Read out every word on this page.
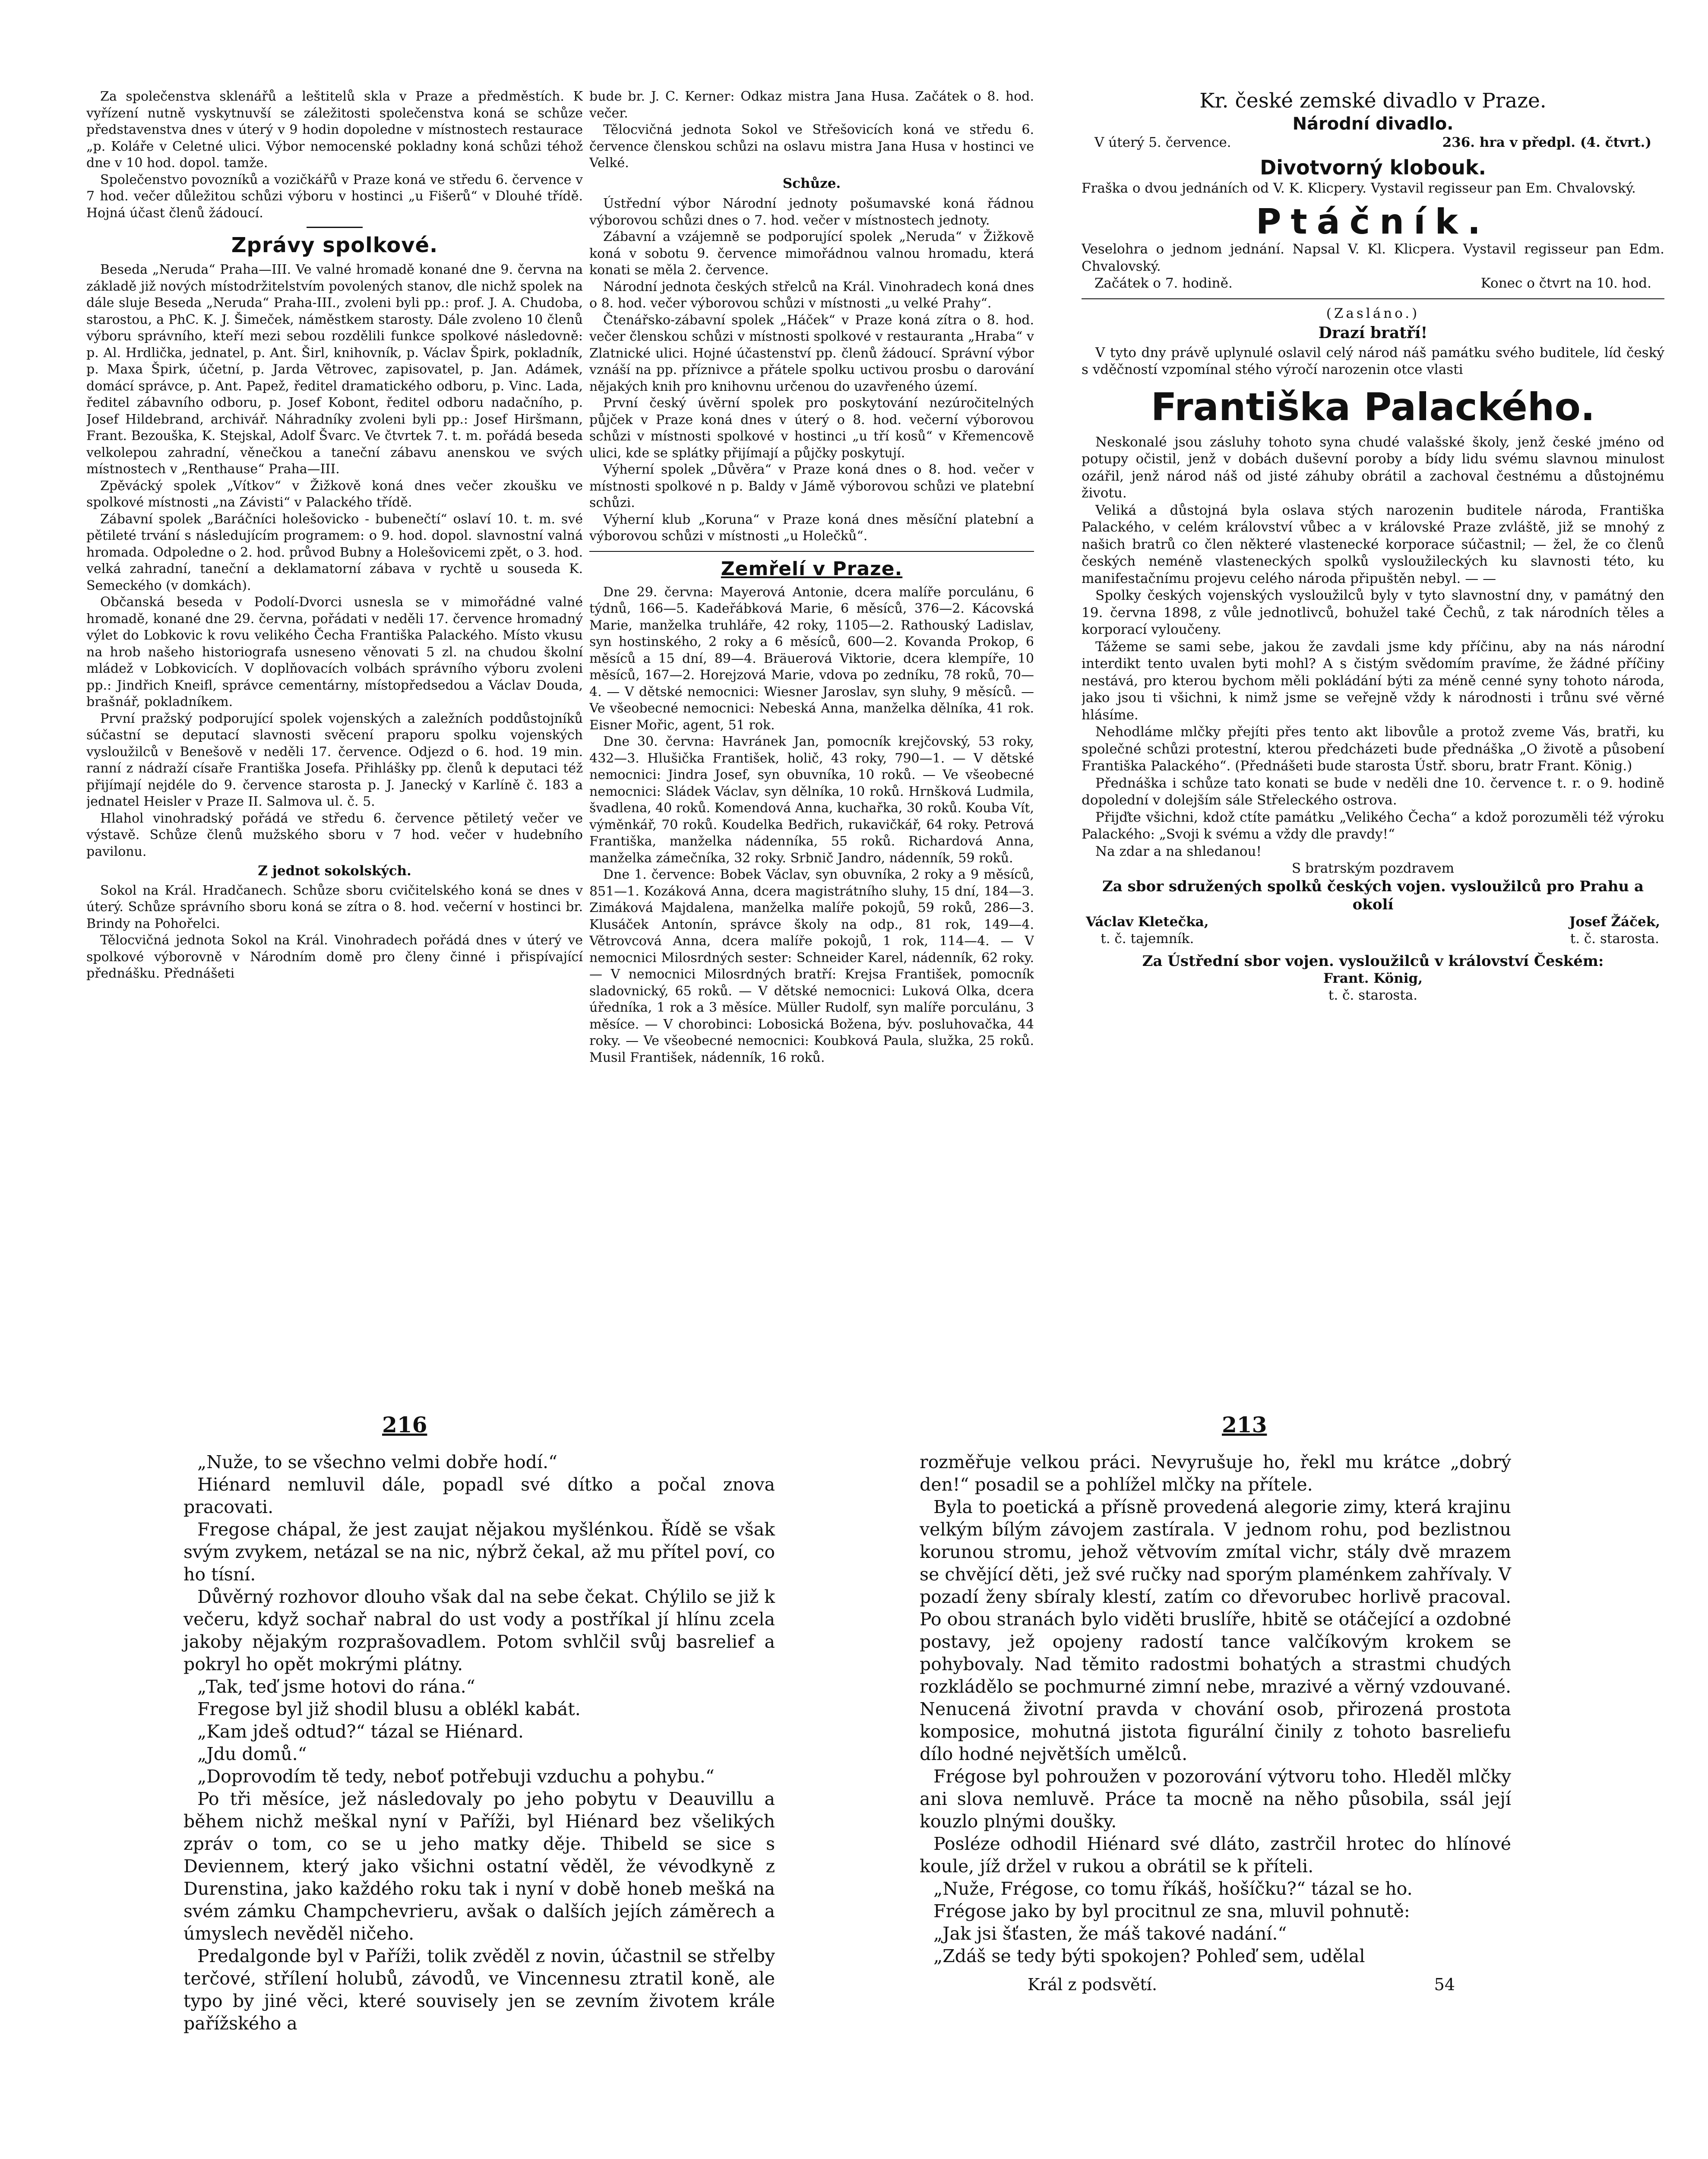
Za společenstva sklenářů a leštitelů skla v Praze a předměstích. K vyřízení nutně vyskytnuvší se záležitosti společenstva koná se schůze představenstva dnes v úterý v 9 hodin dopoledne v místnostech restaurace „p. Koláře v Celetné ulici. Výbor nemocenské pokladny koná schůzi téhož dne v 10 hod. dopol. tamže.

Společenstvo povozníků a vozičkářů v Praze koná ve středu 6. července v 7 hod. večer důležitou schůzi výboru v hostinci „u Fišerů“ v Dlouhé třídě. Hojná účast členů žádoucí.

Zprávy spolkové.

Beseda „Neruda“ Praha—III. Ve valné hromadě konané dne 9. června na základě již nových místodržitelstvím povolených stanov, dle nichž spolek na dále sluje Beseda „Neruda“ Praha-III., zvoleni byli pp.: prof. J. A. Chudoba, starostou, a PhC. K. J. Šimeček, náměstkem starosty. Dále zvoleno 10 členů výboru správního, kteří mezi sebou rozdělili funkce spolkové následovně: p. Al. Hrdlička, jednatel, p. Ant. Širl, knihovník, p. Václav Špirk, pokladník, p. Maxa Špirk, účetní, p. Jarda Větrovec, zapisovatel, p. Jan. Adámek, domácí správce, p. Ant. Papež, ředitel dramatického odboru, p. Vinc. Lada, ředitel zábavního odboru, p. Josef Kobont, ředitel odboru nadačního, p. Josef Hildebrand, archivář. Náhradníky zvoleni byli pp.: Josef Hiršmann, Frant. Bezouška, K. Stejskal, Adolf Švarc. Ve čtvrtek 7. t. m. pořádá beseda velkolepou zahradní, věnečkou a taneční zábavu anenskou ve svých místnostech v „Renthause“ Praha—III.

Zpěvácký spolek „Vítkov“ v Žižkově koná dnes večer zkoušku ve spolkové místnosti „na Závisti“ v Palackého třídě.

Zábavní spolek „Baráčníci holešovicko - bubenečtí“ oslaví 10. t. m. své pětileté trvání s následujícím programem: o 9. hod. dopol. slavnostní valná hromada. Odpoledne o 2. hod. průvod Bubny a Holešovicemi zpět, o 3. hod. velká zahradní, taneční a deklamatorní zábava v rychtě u souseda K. Semeckého (v domkách).

Občanská beseda v Podolí-Dvorci usnesla se v mimořádné valné hromadě, konané dne 29. června, pořádati v neděli 17. července hromadný výlet do Lobkovic k rovu velikého Čecha Františka Palackého. Místo vkusu na hrob našeho historiografa usneseno věnovati 5 zl. na chudou školní mládež v Lobkovicích. V doplňovacích volbách správního výboru zvoleni pp.: Jindřich Kneifl, správce cementárny, místopředsedou a Václav Douda, brašnář, pokladníkem.

První pražský podporující spolek vojenských a zaležních poddůstojníků súčastní se deputací slavnosti svěcení praporu spolku vojenských vysloužilců v Benešově v neděli 17. července. Odjezd o 6. hod. 19 min. ranní z nádraží císaře Františka Josefa. Přihlášky pp. členů k deputaci též přijímají nejdéle do 9. července starosta p. J. Janecký v Karlíně č. 183 a jednatel Heisler v Praze II. Salmova ul. č. 5.

Hlahol vinohradský pořádá ve středu 6. července pětiletý večer ve výstavě. Schůze členů mužského sboru v 7 hod. večer v hudebního pavilonu.

Z jednot sokolských.

Sokol na Král. Hradčanech. Schůze sboru cvičitelského koná se dnes v úterý. Schůze správního sboru koná se zítra o 8. hod. večerní v hostinci br. Brindy na Pohořelci.

Tělocvičná jednota Sokol na Král. Vinohradech pořádá dnes v úterý ve spolkové výborovně v Národním domě pro členy činné i přispívající přednášku. Přednášeti

bude br. J. C. Kerner: Odkaz mistra Jana Husa. Začátek o 8. hod. večer.

Tělocvičná jednota Sokol ve Střešovicích koná ve středu 6. července členskou schůzi na oslavu mistra Jana Husa v hostinci ve Velké.

Schůze.

Ústřední výbor Národní jednoty pošumavské koná řádnou výborovou schůzi dnes o 7. hod. večer v místnostech jednoty.

Zábavní a vzájemně se podporující spolek „Neruda“ v Žižkově koná v sobotu 9. července mimořádnou valnou hromadu, která konati se měla 2. července.

Národní jednota českých střelců na Král. Vinohradech koná dnes o 8. hod. večer výborovou schůzi v místnosti „u velké Prahy“.

Čtenářsko-zábavní spolek „Háček“ v Praze koná zítra o 8. hod. večer členskou schůzi v místnosti spolkové v restauranta „Hraba“ v Zlatnické ulici. Hojné účastenství pp. členů žádoucí. Správní výbor vznáší na pp. příznivce a přátele spolku uctivou prosbu o darování nějakých knih pro knihovnu určenou do uzavřeného území.

První český úvěrní spolek pro poskytování nezúročitelných půjček v Praze koná dnes v úterý o 8. hod. večerní výborovou schůzi v místnosti spolkové v hostinci „u tří kosů“ v Křemencově ulici, kde se splátky přijímají a půjčky poskytují.

Výherní spolek „Důvěra“ v Praze koná dnes o 8. hod. večer v místnosti spolkové n p. Baldy v Jámě výborovou schůzi ve platební schůzi.

Výherní klub „Koruna“ v Praze koná dnes měsíční platební a výborovou schůzi v místnosti „u Holečků“.

Zemřelí v Praze.

Dne 29. června: Mayerová Antonie, dcera malíře porculánu, 6 týdnů, 166—5. Kadeřábková Marie, 6 měsíců, 376—2. Kácovská Marie, manželka truhláře, 42 roky, 1105—2. Rathouský Ladislav, syn hostinského, 2 roky a 6 měsíců, 600—2. Kovanda Prokop, 6 měsíců a 15 dní, 89—4. Bräuerová Viktorie, dcera klempíře, 10 měsíců, 167—2. Horejzová Marie, vdova po zedníku, 78 roků, 70—4. — V dětské nemocnici: Wiesner Jaroslav, syn sluhy, 9 měsíců. — Ve všeobecné nemocnici: Nebeská Anna, manželka dělníka, 41 rok. Eisner Mořic, agent, 51 rok.

Dne 30. června: Havránek Jan, pomocník krejčovský, 53 roky, 432—3. Hlušička František, holič, 43 roky, 790—1. — V dětské nemocnici: Jindra Josef, syn obuvníka, 10 roků. — Ve všeobecné nemocnici: Sládek Václav, syn dělníka, 10 roků. Hrnšková Ludmila, švadlena, 40 roků. Komendová Anna, kuchařka, 30 roků. Kouba Vít, výměnkář, 70 roků. Koudelka Bedřich, rukavičkář, 64 roky. Petrová Františka, manželka nádenníka, 55 roků. Richardová Anna, manželka zámečníka, 32 roky. Srbnič Jandro, nádenník, 59 roků.

Dne 1. července: Bobek Václav, syn obuvníka, 2 roky a 9 měsíců, 851—1. Kozáková Anna, dcera magistrátního sluhy, 15 dní, 184—3. Zimáková Majdalena, manželka malíře pokojů, 59 roků, 286—3. Klusáček Antonín, správce školy na odp., 81 rok, 149—4. Větrovcová Anna, dcera malíře pokojů, 1 rok, 114—4. — V nemocnici Milosrdných sester: Schneider Karel, nádenník, 62 roky. — V nemocnici Milosrdných bratří: Krejsa František, pomocník sladovnický, 65 roků. — V dětské nemocnici: Luková Olka, dcera úředníka, 1 rok a 3 měsíce. Müller Rudolf, syn malíře porculánu, 3 měsíce. — V chorobinci: Lobosická Božena, býv. posluhovačka, 44 roky. — Ve všeobecné nemocnici: Koubková Paula, služka, 25 roků. Musil František, nádenník, 16 roků.

Kr. české zemské divadlo v Praze.

Národní divadlo.

V úterý 5. července.	236. hra v předpl. (4. čtvrt.)

Divotvorný klobouk.

Fraška o dvou jednáních od V. K. Klicpery. Vystavil regisseur pan Em. Chvalovský.

Ptáčník.

Veselohra o jednom jednání. Napsal V. Kl. Klicpera. Vystavil regisseur pan Edm. Chvalovský.

Začátek o 7. hodině.	Konec o čtvrt na 10. hod.

(Zasláno.)

Drazí bratří!

V tyto dny právě uplynulé oslavil celý národ náš památku svého buditele, líd český s vděčností vzpomínal stého výročí narozenin otce vlasti

Františka Palackého.

Neskonalé jsou zásluhy tohoto syna chudé valašské školy, jenž české jméno od potupy očistil, jenž v dobách duševní poroby a bídy lidu svému slavnou minulost ozářil, jenž národ náš od jisté záhuby obrátil a zachoval čestnému a důstojnému životu.

Veliká a důstojná byla oslava stých narozenin buditele národa, Františka Palackého, v celém království vůbec a v královské Praze zvláště, již se mnohý z našich bratrů co člen některé vlastenecké korporace súčastnil; — žel, že co členů českých neméně vlasteneckých spolků vysloužileckých ku slavnosti této, ku manifestačnímu projevu celého národa připuštěn nebyl. — —

Spolky českých vojenských vysloužilců byly v tyto slavnostní dny, v památný den 19. června 1898, z vůle jednotlivců, bohužel také Čechů, z tak národních těles a korporací vyloučeny.

Tážeme se sami sebe, jakou že zavdali jsme kdy příčinu, aby na nás národní interdikt tento uvalen byti mohl? A s čistým svědomím pravíme, že žádné příčiny nestává, pro kterou bychom měli pokládání býti za méně cenné syny tohoto národa, jako jsou ti všichni, k nimž jsme se veřejně vždy k národnosti i trůnu své věrné hlásíme.

Nehodláme mlčky přejíti přes tento akt libovůle a protož zveme Vás, bratři, ku společné schůzi protestní, kterou předcházeti bude přednáška „O životě a působení Františka Palackého“. (Přednášeti bude starosta Ústř. sboru, bratr Frant. König.)

Přednáška i schůze tato konati se bude v neděli dne 10. července t. r. o 9. hodině dopolední v dolejším sále Střeleckého ostrova.

Přijďte všichni, kdož ctíte památku „Velikého Čecha“ a kdož porozuměli též výroku Palackého: „Svoji k svému a vždy dle pravdy!“

Na zdar a na shledanou!

S bratrským pozdravem

Za sbor sdružených spolků českých vojen. vysloužilců pro Prahu a okolí

Václav Kletečka,
t. č. tajemník.
Josef Žáček,
t. č. starosta.

Za Ústřední sbor vojen. vysloužilců v království Českém:

Frant. König,
t. č. starosta.
216	213

„Nuže, to se všechno velmi dobře hodí.“

Hiénard nemluvil dále, popadl své dítko a počal znova pracovati.

Fregose chápal, že jest zaujat nějakou myšlénkou. Řídě se však svým zvykem, netázal se na nic, nýbrž čekal, až mu přítel poví, co ho tísní.

Důvěrný rozhovor dlouho však dal na sebe čekat. Chýlilo se již k večeru, když sochař nabral do ust vody a postříkal jí hlínu zcela jakoby nějakým rozprašovadlem. Potom svhlčil svůj basrelief a pokryl ho opět mokrými plátny.

„Tak, teď jsme hotovi do rána.“

Fregose byl již shodil blusu a oblékl kabát.

„Kam jdeš odtud?“ tázal se Hiénard.

„Jdu domů.“

„Doprovodím tě tedy, neboť potřebuji vzduchu a pohybu.“

Po tři měsíce, jež následovaly po jeho pobytu v Deauvillu a během nichž meškal nyní v Paříži, byl Hiénard bez všelikých zpráv o tom, co se u jeho matky děje. Thibeld se sice s Deviennem, který jako všichni ostatní věděl, že vévodkyně z Durenstina, jako každého roku tak i nyní v době honeb mešká na svém zámku Champchevrieru, avšak o dalších jejích záměrech a úmyslech nevěděl ničeho.

Predalgonde byl v Paříži, tolik zvěděl z novin, účastnil se střelby terčové, střílení holubů, závodů, ve Vincennesu ztratil koně, ale typo by jiné věci, které souvisely jen se zevním životem krále pařížského a

rozměřuje velkou práci. Nevyrušuje ho, řekl mu krátce „dobrý den!“ posadil se a pohlížel mlčky na přítele.

Byla to poetická a přísně provedená alegorie zimy, která krajinu velkým bílým závojem zastírala. V jednom rohu, pod bezlistnou korunou stromu, jehož větvovím zmítal vichr, stály dvě mrazem se chvějící děti, jež své ručky nad sporým plaménkem zahřívaly. V pozadí ženy sbíraly klestí, zatím co dřevorubec horlivě pracoval. Po obou stranách bylo viděti bruslíře, hbitě se otáčející a ozdobné postavy, jež opojeny radostí tance valčíkovým krokem se pohybovaly. Nad těmito radostmi bohatých a strastmi chudých rozkládělo se pochmurné zimní nebe, mrazivé a věrný vzdouvané. Nenucená životní pravda v chování osob, přirozená prostota komposice, mohutná jistota figurální činily z tohoto basreliefu dílo hodné největších umělců.

Frégose byl pohroužen v pozorování výtvoru toho. Hleděl mlčky ani slova nemluvě. Práce ta mocně na něho působila, ssál její kouzlo plnými doušky.

Posléze odhodil Hiénard své dláto, zastrčil hrotec do hlínové koule, jíž držel v rukou a obrátil se k příteli.

„Nuže, Frégose, co tomu říkáš, hošíčku?“ tázal se ho.

Frégose jako by byl procitnul ze sna, mluvil pohnutě:

„Jak jsi šťasten, že máš takové nadání.“

„Zdáš se tedy býti spokojen? Pohleď sem, udělal

Král z podsvětí.	54
